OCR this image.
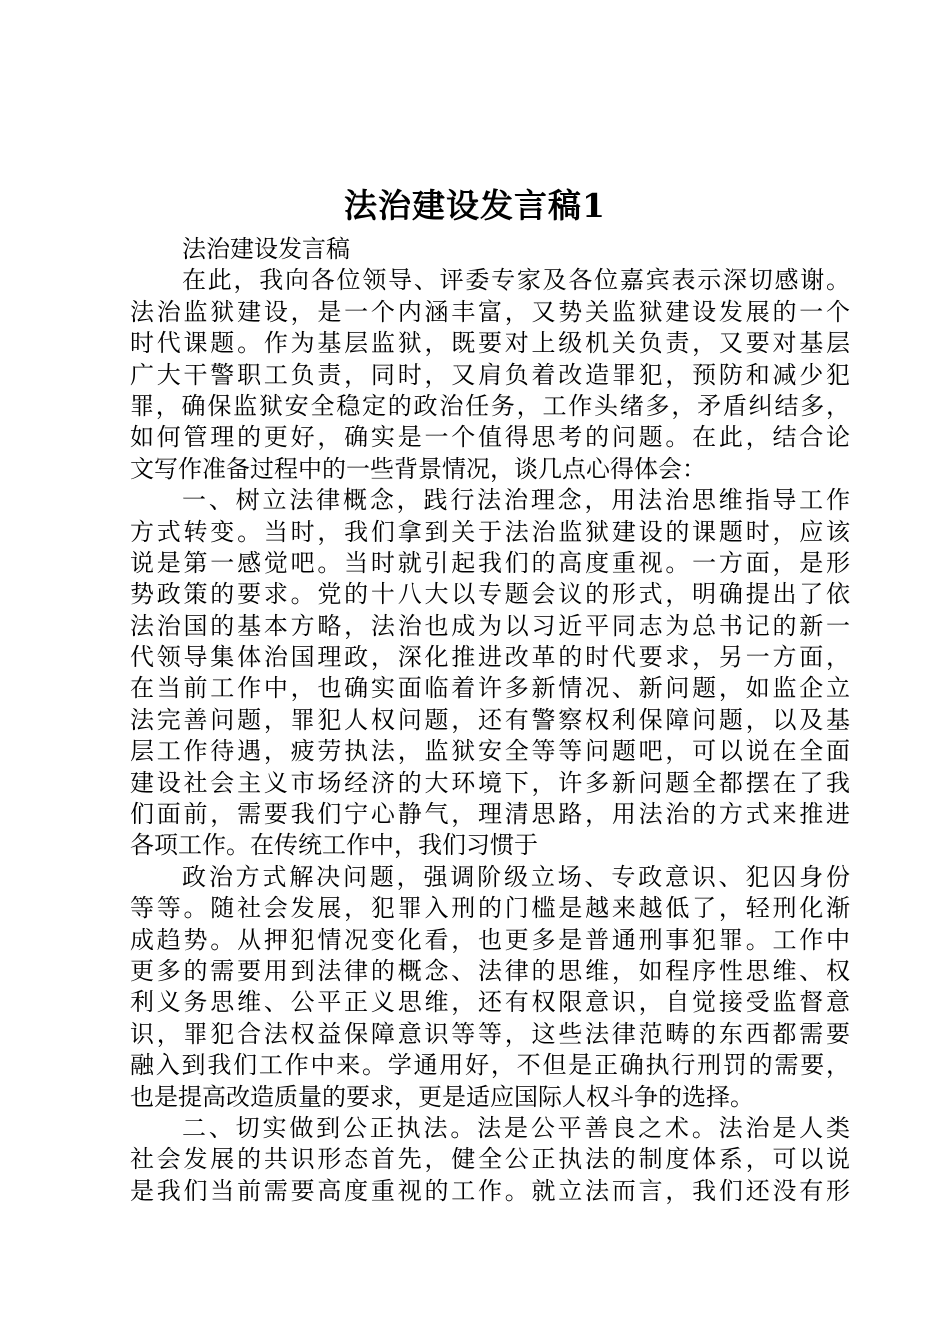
法治建设发言稿1
法治建设发言稿
在此，我向各位领导、评委专家及各位嘉宾表示深切感谢。
法治监狱建设，是一个内涵丰富，又势关监狱建设发展的一个
时代课题。作为基层监狱，既要对上级机关负责，又要对基层
广大干警职工负责，同时，又肩负着改造罪犯，预防和减少犯
罪，确保监狱安全稳定的政治任务，工作头绪多，矛盾纠结多，
如何管理的更好，确实是一个值得思考的问题。在此，结合论
文写作准备过程中的一些背景情况，谈几点心得体会：
一、树立法律概念，践行法治理念，用法治思维指导工作
方式转变。当时，我们拿到关于法治监狱建设的课题时，应该
说是第一感觉吧。当时就引起我们的高度重视。一方面，是形
势政策的要求。党的十八大以专题会议的形式，明确提出了依
法治国的基本方略，法治也成为以习近平同志为总书记的新一
代领导集体治国理政，深化推进改革的时代要求，另一方面，
在当前工作中，也确实面临着许多新情况、新问题，如监企立
法完善问题，罪犯人权问题，还有警察权利保障问题，以及基
层工作待遇，疲劳执法，监狱安全等等问题吧，可以说在全面
建设社会主义市场经济的大环境下，许多新问题全都摆在了我
们面前，需要我们宁心静气，理清思路，用法治的方式来推进
各项工作。在传统工作中，我们习惯于
政治方式解决问题，强调阶级立场、专政意识、犯囚身份
等等。随社会发展，犯罪入刑的门槛是越来越低了，轻刑化渐
成趋势。从押犯情况变化看，也更多是普通刑事犯罪。工作中
更多的需要用到法律的概念、法律的思维，如程序性思维、权
利义务思维、公平正义思维，还有权限意识，自觉接受监督意
识，罪犯合法权益保障意识等等，这些法律范畴的东西都需要
融入到我们工作中来。学通用好，不但是正确执行刑罚的需要，
也是提高改造质量的要求，更是适应国际人权斗争的选择。
二、切实做到公正执法。法是公平善良之术。法治是人类
社会发展的共识形态首先，健全公正执法的制度体系，可以说
是我们当前需要高度重视的工作。就立法而言，我们还没有形
